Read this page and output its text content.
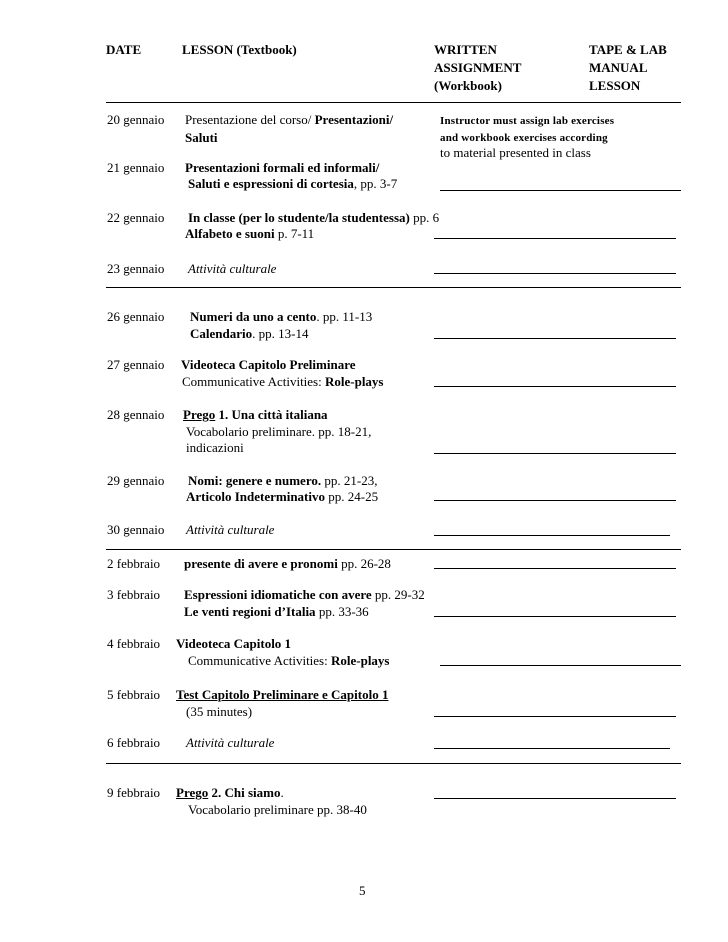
DATE	LESSON (Textbook)	WRITTEN
ASSIGNMENT
(Workbook)
TAPE & LAB
MANUAL
LESSON
20 gennaio Presentazione del corso/ Presentazioni/
Saluti
Instructor must assign lab exercises
and workbook exercises according
to material presented in class
21 gennaio Presentazioni formali ed informali/
Saluti e espressioni di cortesia, pp. 3-7
22 gennaio In classe (per lo studente/la studentessa) pp. 6
Alfabeto e suoni p. 7-11
23 gennaio Attività culturale
26 gennaio Numeri da uno a cento. pp. 11-13
Calendario. pp. 13-14
27 gennaio Videoteca Capitolo Preliminare
Communicative Activities: Role-plays
28 gennaio Prego 1. Una città italiana
Vocabolario preliminare. pp. 18-21,
indicazioni
29 gennaio Nomi: genere e numero. pp. 21-23,
Articolo Indeterminativo pp. 24-25
30 gennaio Attività culturale
2 febbraio presente di avere e pronomi pp. 26-28
3 febbraio Espressioni idiomatiche con avere pp. 29-32
Le venti regioni d’Italia pp. 33-36
4 febbraio Videoteca Capitolo 1
Communicative Activities: Role-plays
5 febbraio Test Capitolo Preliminare e Capitolo 1
(35 minutes)
6 febbraio Attività culturale
9 febbraio Prego 2. Chi siamo.
Vocabolario preliminare pp. 38-40
5
